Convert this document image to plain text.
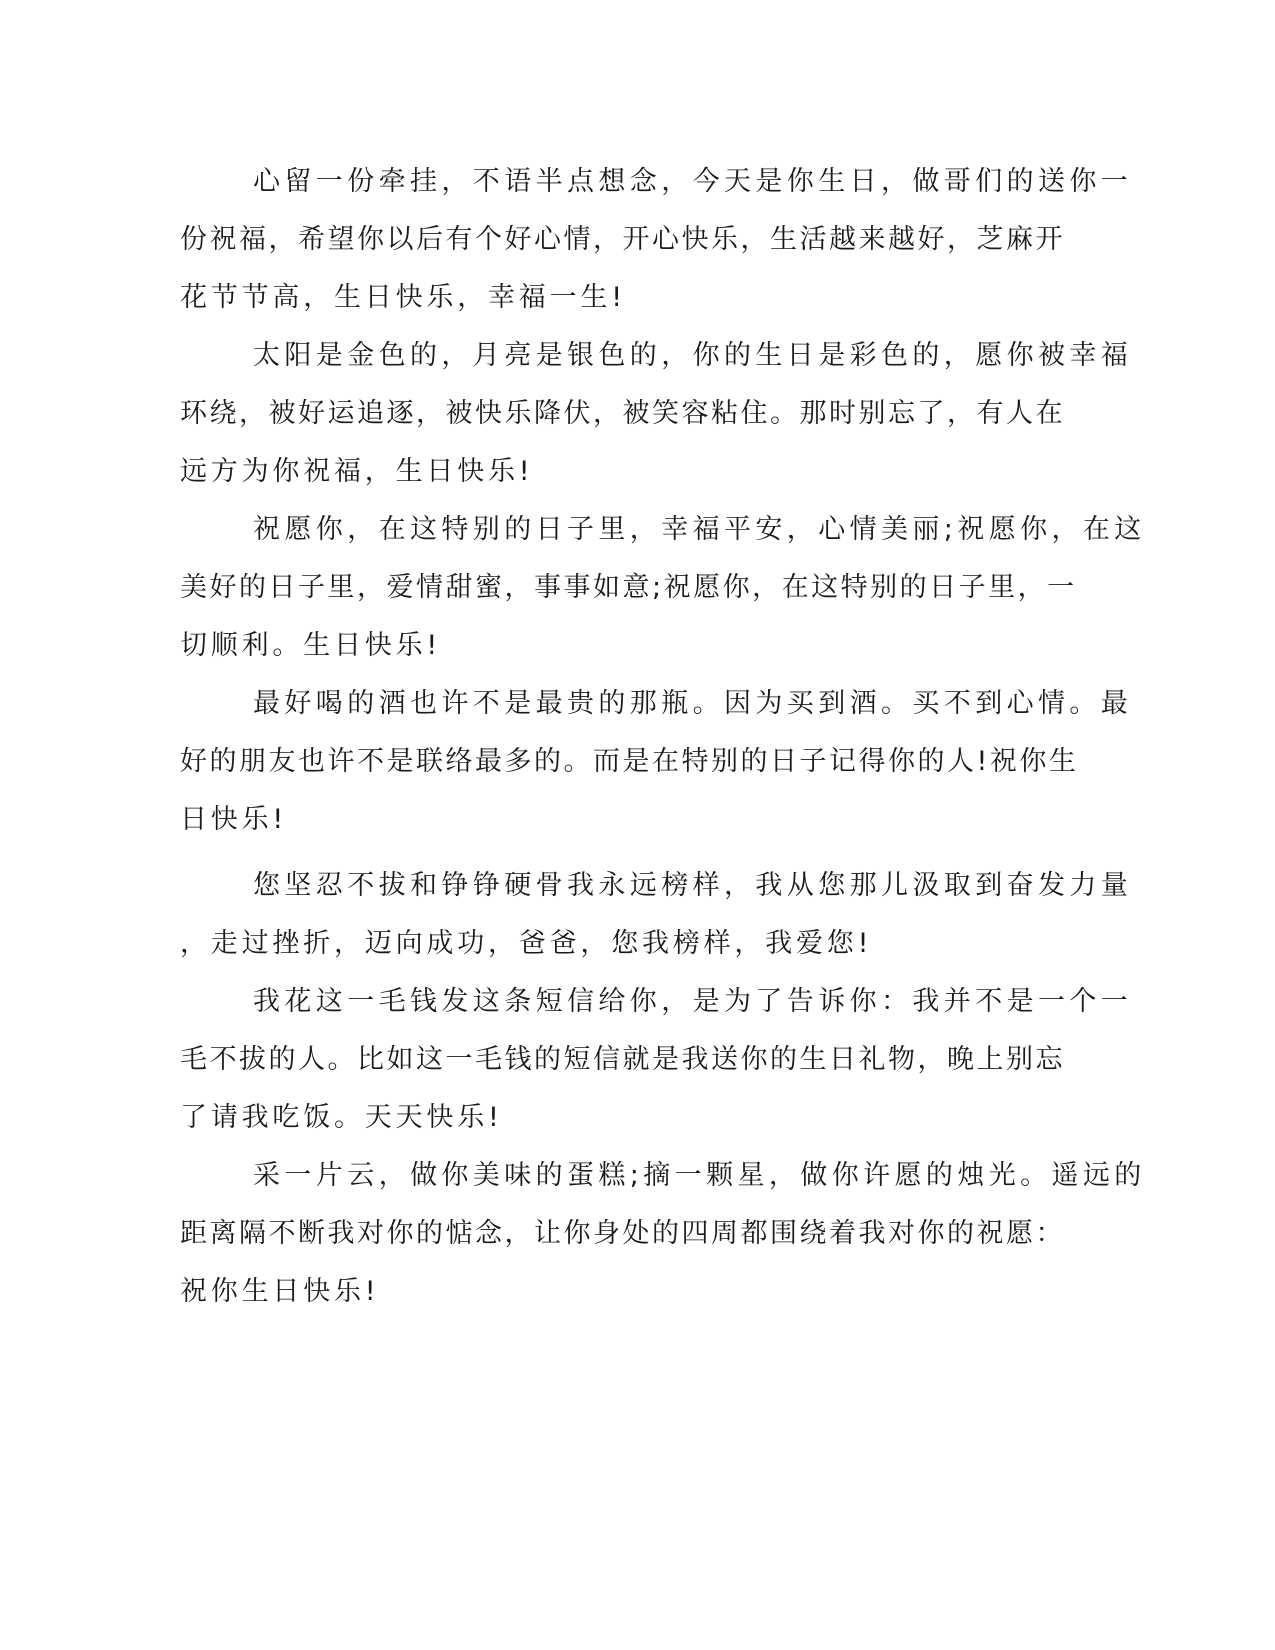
心留一份牵挂，不语半点想念，今天是你生日，做哥们的送你一
份祝福，希望你以后有个好心情，开心快乐，生活越来越好，芝麻开
花节节高，生日快乐，幸福一生!
太阳是金色的，月亮是银色的，你的生日是彩色的，愿你被幸福
环绕，被好运追逐，被快乐降伏，被笑容粘住。那时别忘了，有人在
远方为你祝福，生日快乐!
祝愿你，在这特别的日子里，幸福平安，心情美丽;祝愿你，在这
美好的日子里，爱情甜蜜，事事如意;祝愿你，在这特别的日子里，一
切顺利。生日快乐!
最好喝的酒也许不是最贵的那瓶。因为买到酒。买不到心情。最
好的朋友也许不是联络最多的。而是在特别的日子记得你的人!祝你生
日快乐!
您坚忍不拔和铮铮硬骨我永远榜样，我从您那儿汲取到奋发力量
，走过挫折，迈向成功，爸爸，您我榜样，我爱您!
我花这一毛钱发这条短信给你，是为了告诉你：我并不是一个一
毛不拔的人。比如这一毛钱的短信就是我送你的生日礼物，晚上别忘
了请我吃饭。天天快乐!
采一片云，做你美味的蛋糕;摘一颗星，做你许愿的烛光。遥远的
距离隔不断我对你的惦念，让你身处的四周都围绕着我对你的祝愿：
祝你生日快乐!
